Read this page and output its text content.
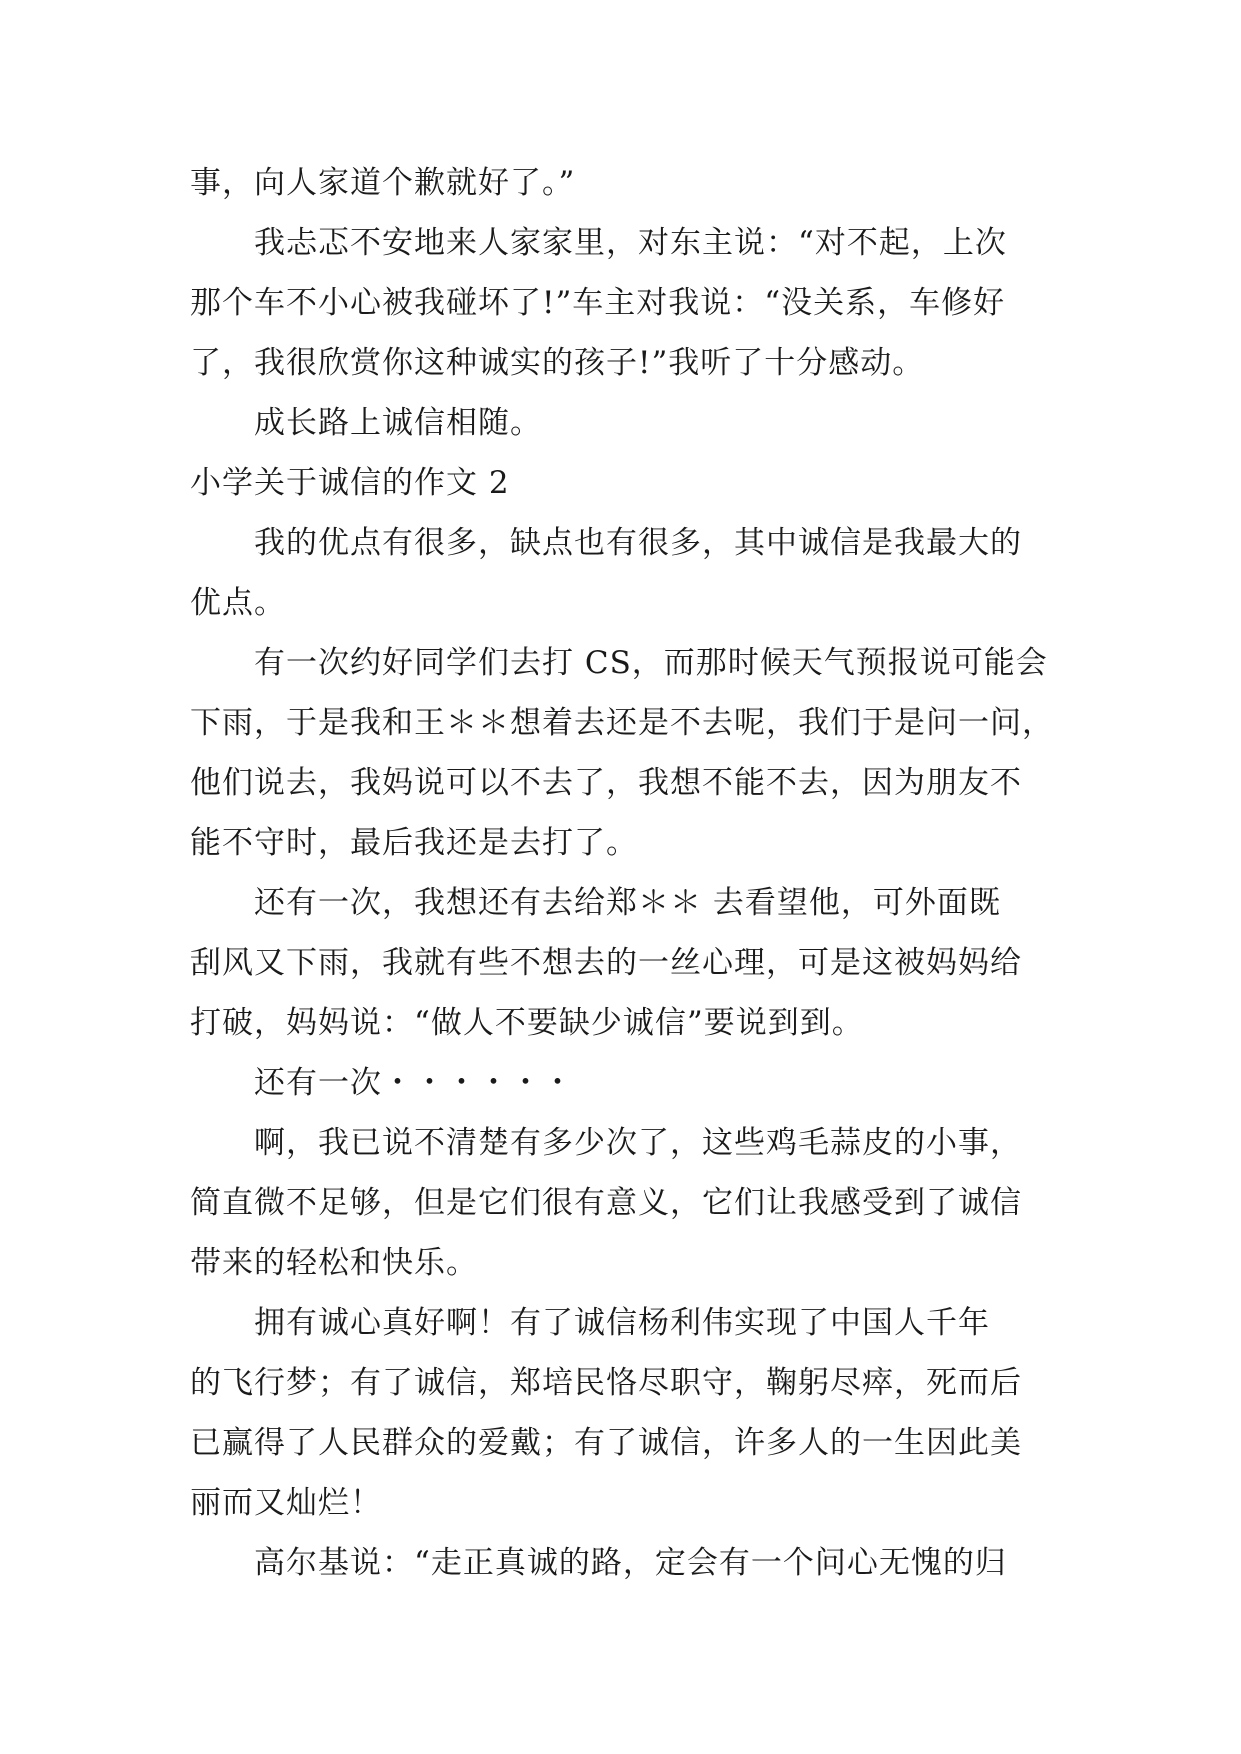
事，向人家道个歉就好了。”
我忐忑不安地来人家家里，对东主说：“对不起，上次
那个车不小心被我碰坏了!”车主对我说：“没关系，车修好
了，我很欣赏你这种诚实的孩子!”我听了十分感动。
成长路上诚信相随。
小学关于诚信的作文 2
我的优点有很多，缺点也有很多，其中诚信是我最大的
优点。
有一次约好同学们去打 CS，而那时候天气预报说可能会
下雨，于是我和王＊＊想着去还是不去呢，我们于是问一问，
他们说去，我妈说可以不去了，我想不能不去，因为朋友不
能不守时，最后我还是去打了。
还有一次，我想还有去给郑＊＊ 去看望他，可外面既
刮风又下雨，我就有些不想去的一丝心理，可是这被妈妈给
打破，妈妈说：“做人不要缺少诚信”要说到到。
还有一次・・・・・・
啊，我已说不清楚有多少次了，这些鸡毛蒜皮的小事，
简直微不足够，但是它们很有意义，它们让我感受到了诚信
带来的轻松和快乐。
拥有诚心真好啊！有了诚信杨利伟实现了中国人千年
的飞行梦；有了诚信，郑培民恪尽职守，鞠躬尽瘁，死而后
已赢得了人民群众的爱戴；有了诚信，许多人的一生因此美
丽而又灿烂！
高尔基说：“走正真诚的路，定会有一个问心无愧的归
